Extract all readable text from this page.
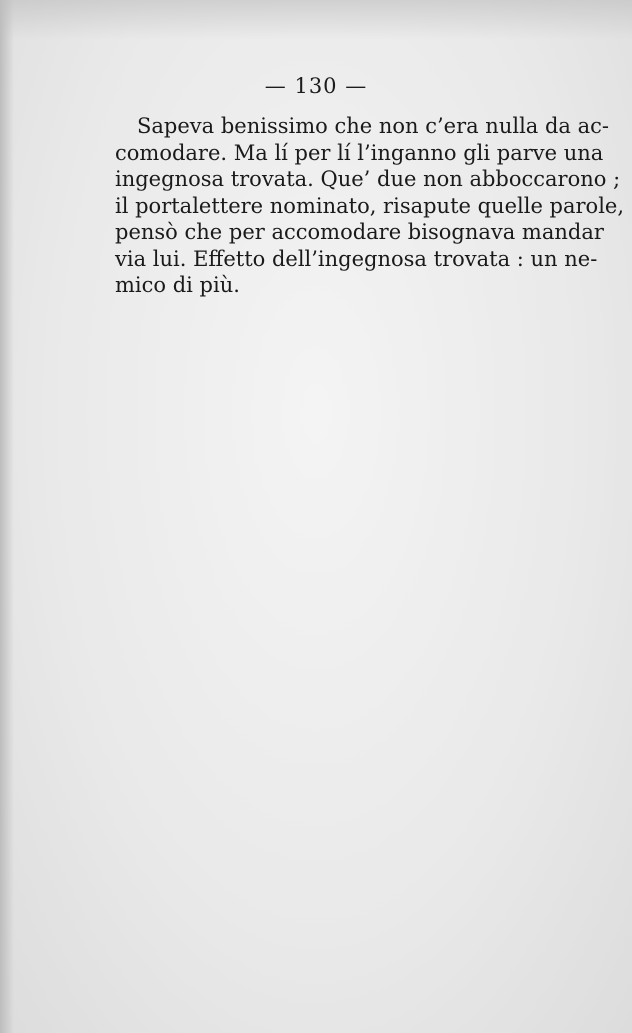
— 130 —

Sapeva benissimo che non c’era nulla da ac-
comodare. Ma lí per lí l’inganno gli parve una
ingegnosa trovata. Que’ due non abboccarono ;
il portalettere nominato, risapute quelle parole,
pensò che per accomodare bisognava mandar
via lui. Effetto dell’ingegnosa trovata : un ne-
mico di più.
